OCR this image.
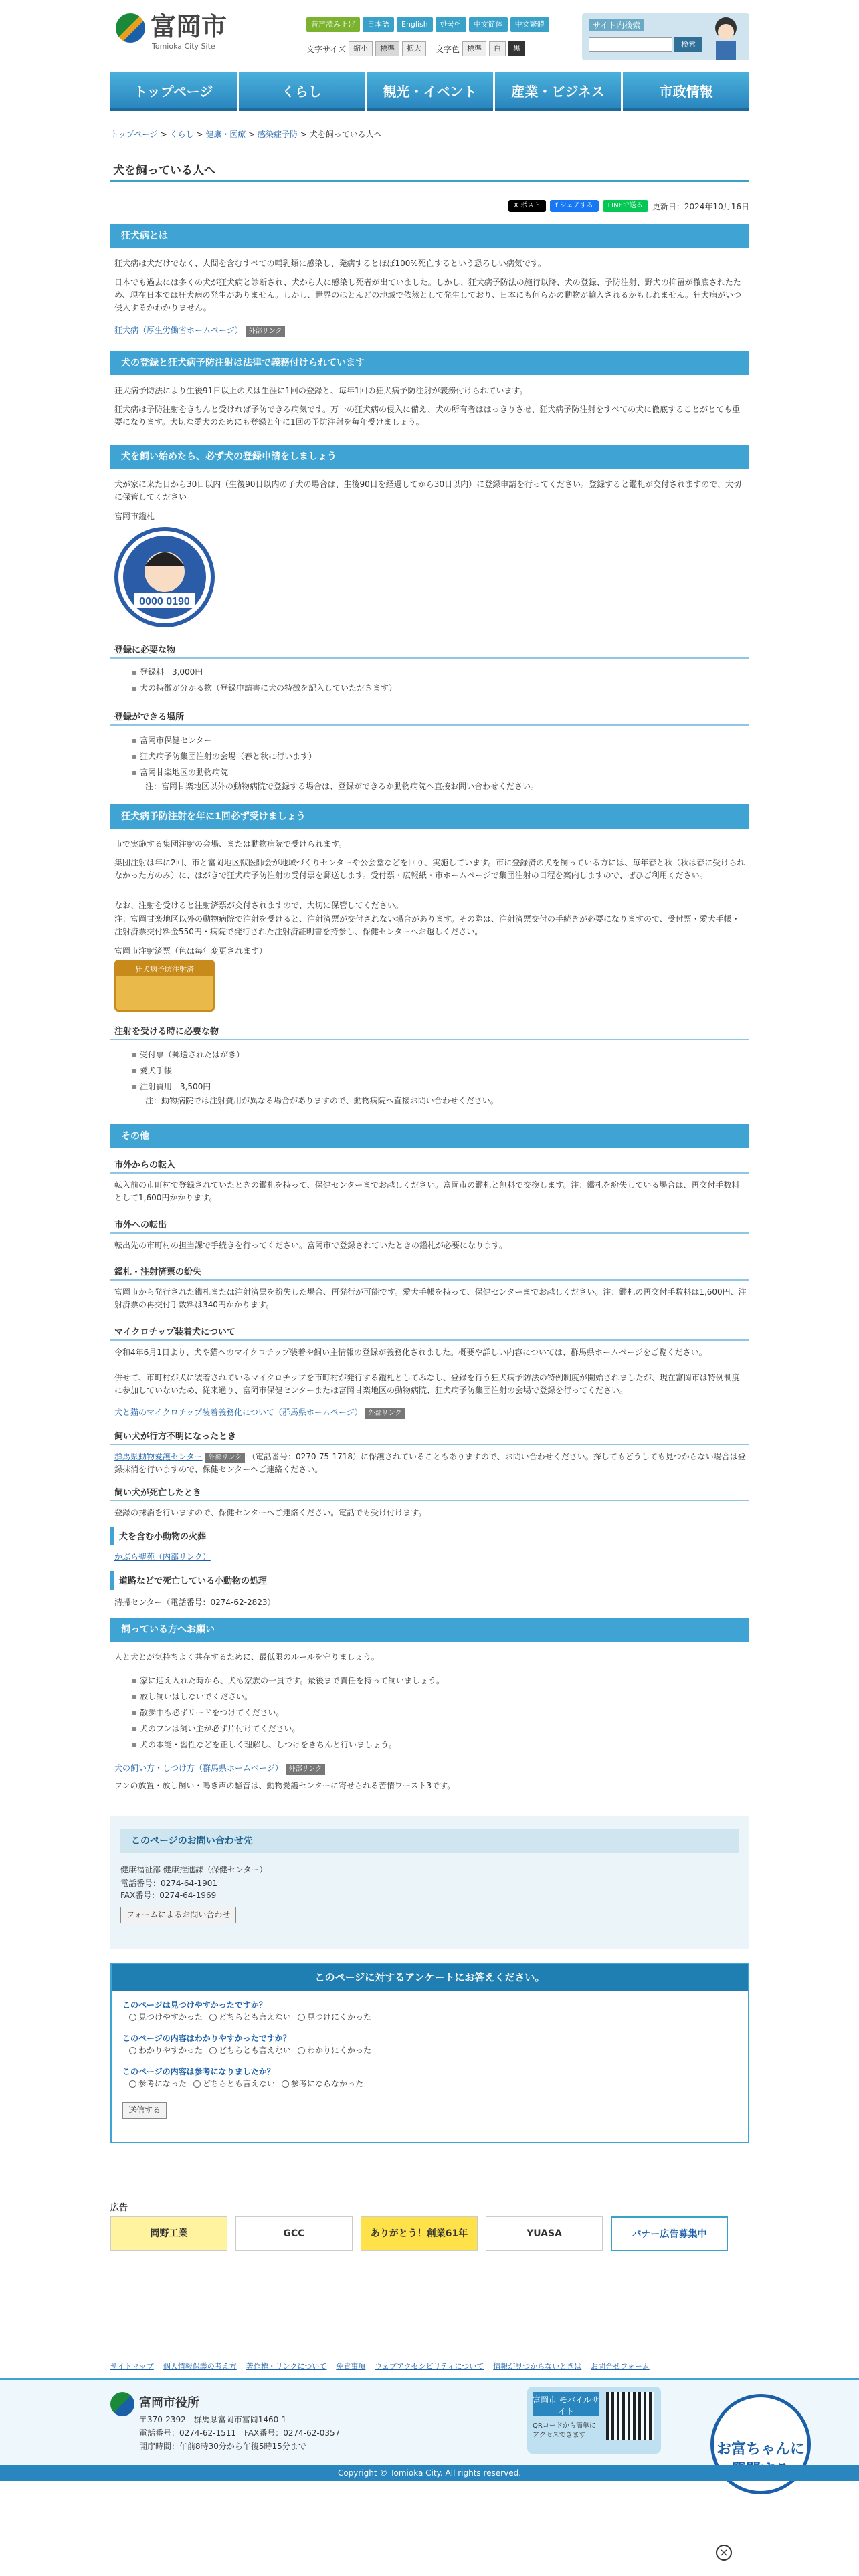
富岡市
Tomioka City Site
音声読み上げ	日本語	English	한국어	中文简体	中文繁體
文字サイズ	縮小	標準	拡大	文字色	標準	白	黒
サイト内検索
検索
トップページ	くらし	観光・イベント	産業・ビジネス	市政情報
トップページ > くらし > 健康・医療 > 感染症予防 > 犬を飼っている人へ
犬を飼っている人へ
X ポスト	f シェアする	LINEで送る	更新日：2024年10月16日
狂犬病とは
狂犬病は犬だけでなく、人間を含むすべての哺乳類に感染し、発病するとほぼ100%死亡するという恐ろしい病気です。
日本でも過去には多くの犬が狂犬病と診断され、犬から人に感染し死者が出ていました。しかし、狂犬病予防法の施行以降、犬の登録、予防注射、野犬の抑留が徹底されたため、現在日本では狂犬病の発生がありません。しかし、世界のほとんどの地域で依然として発生しており、日本にも何らかの動物が輸入されるかもしれません。狂犬病がいつ侵入するかわかりません。
狂犬病（厚生労働省ホームページ） 外部リンク
犬の登録と狂犬病予防注射は法律で義務付けられています
狂犬病予防法により生後91日以上の犬は生涯に1回の登録と、毎年1回の狂犬病予防注射が義務付けられています。
狂犬病は予防注射をきちんと受ければ予防できる病気です。万一の狂犬病の侵入に備え、犬の所有者ははっきりさせ、狂犬病予防注射をすべての犬に徹底することがとても重要になります。犬切な愛犬のためにも登録と年に1回の予防注射を毎年受けましょう。
犬を飼い始めたら、必ず犬の登録申請をしましょう
犬が家に来た日から30日以内（生後90日以内の子犬の場合は、生後90日を経過してから30日以内）に登録申請を行ってください。登録すると鑑札が交付されますので、大切に保管してください
富岡市鑑札
0000 0190
登録に必要な物
▪ 登録料　3,000円
▪ 犬の特徴が分かる物（登録申請書に犬の特徴を記入していただきます）
登録ができる場所
▪ 富岡市保健センター
▪ 狂犬病予防集団注射の会場（春と秋に行います）
▪ 富岡甘楽地区の動物病院
注：富岡甘楽地区以外の動物病院で登録する場合は、登録ができるか動物病院へ直接お問い合わせください。
狂犬病予防注射を年に1回必ず受けましょう
市で実施する集団注射の会場、または動物病院で受けられます。
集団注射は年に2回、市と富岡地区獣医師会が地域づくりセンターや公会堂などを回り、実施しています。市に登録済の犬を飼っている方には、毎年春と秋（秋は春に受けられなかった方のみ）に、はがきで狂犬病予防注射の受付票を郵送します。受付票・広報紙・市ホームページで集団注射の日程を案内しますので、ぜひご利用ください。
なお、注射を受けると注射済票が交付されますので、大切に保管してください。
注：富岡甘楽地区以外の動物病院で注射を受けると、注射済票が交付されない場合があります。その際は、注射済票交付の手続きが必要になりますので、受付票・愛犬手帳・注射済票交付料金550円・病院で発行された注射済証明書を持参し、保健センターへお越しください。
富岡市注射済票（色は毎年変更されます）
狂犬病予防注射済
注射を受ける時に必要な物
▪ 受付票（郵送されたはがき）
▪ 愛犬手帳
▪ 注射費用　3,500円
注：動物病院では注射費用が異なる場合がありますので、動物病院へ直接お問い合わせください。
その他
市外からの転入
転入前の市町村で登録されていたときの鑑札を持って、保健センターまでお越しください。富岡市の鑑札と無料で交換します。注：鑑札を紛失している場合は、再交付手数料として1,600円かかります。
市外への転出
転出先の市町村の担当課で手続きを行ってください。富岡市で登録されていたときの鑑札が必要になります。
鑑札・注射済票の紛失
富岡市から発行された鑑札または注射済票を紛失した場合、再発行が可能です。愛犬手帳を持って、保健センターまでお越しください。注：鑑札の再交付手数料は1,600円、注射済票の再交付手数料は340円かかります。
マイクロチップ装着犬について
令和4年6月1日より、犬や猫へのマイクロチップ装着や飼い主情報の登録が義務化されました。概要や詳しい内容については、群馬県ホームページをご覧ください。
併せて、市町村が犬に装着されているマイクロチップを市町村が発行する鑑札としてみなし、登録を行う狂犬病予防法の特例制度が開始されましたが、現在富岡市は特例制度に参加していないため、従来通り、富岡市保健センターまたは富岡甘楽地区の動物病院、狂犬病予防集団注射の会場で登録を行ってください。
犬と猫のマイクロチップ装着義務化について（群馬県ホームページ） 外部リンク
飼い犬が行方不明になったとき
群馬県動物愛護センター 外部リンク （電話番号：0270-75-1718）に保護されていることもありますので、お問い合わせください。探してもどうしても見つからない場合は登録抹消を行いますので、保健センターへご連絡ください。
飼い犬が死亡したとき
登録の抹消を行いますので、保健センターへご連絡ください。電話でも受け付けます。
犬を含む小動物の火葬
かぶら聖苑（内部リンク）
道路などで死亡している小動物の処理
清掃センター（電話番号：0274-62-2823）
飼っている方へお願い
人と犬とが気持ちよく共存するために、最低限のルールを守りましょう。
▪ 家に迎え入れた時から、犬も家族の一員です。最後まで責任を持って飼いましょう。
▪ 放し飼いはしないでください。
▪ 散歩中も必ずリードをつけてください。
▪ 犬のフンは飼い主が必ず片付けてください。
▪ 犬の本能・習性などを正しく理解し、しつけをきちんと行いましょう。
犬の飼い方・しつけ方（群馬県ホームページ） 外部リンク
フンの放置・放し飼い・鳴き声の騒音は、動物愛護センターに寄せられる苦情ワースト3です。
このページのお問い合わせ先
健康福祉部 健康推進課（保健センター）
電話番号：0274-64-1901
FAX番号：0274-64-1969
フォームによるお問い合わせ
このページに対するアンケートにお答えください。
このページは見つけやすかったですか？
見つけやすかった どちらとも言えない 見つけにくかった
このページの内容はわかりやすかったですか？
わかりやすかった どちらとも言えない わかりにくかった
このページの内容は参考になりましたか？
参考になった どちらとも言えない 参考にならなかった
送信する
広告
岡野工業	GCC	ありがとう！創業61年	YUASA	バナー広告募集中
サイトマップ 個人情報保護の考え方 著作権・リンクについて 免責事項 ウェブアクセシビリティについて 情報が見つからないときは お問合せフォーム
富岡市役所
〒370-2392　群馬県富岡市富岡1460-1
電話番号：0274-62-1511　FAX番号：0274-62-0357
開庁時間：午前8時30分から午後5時15分まで
富岡市 モバイルサイト
QRコードから簡単にアクセスできます
お富ちゃんに
Copyright © Tomioka City. All rights reserved.
×
